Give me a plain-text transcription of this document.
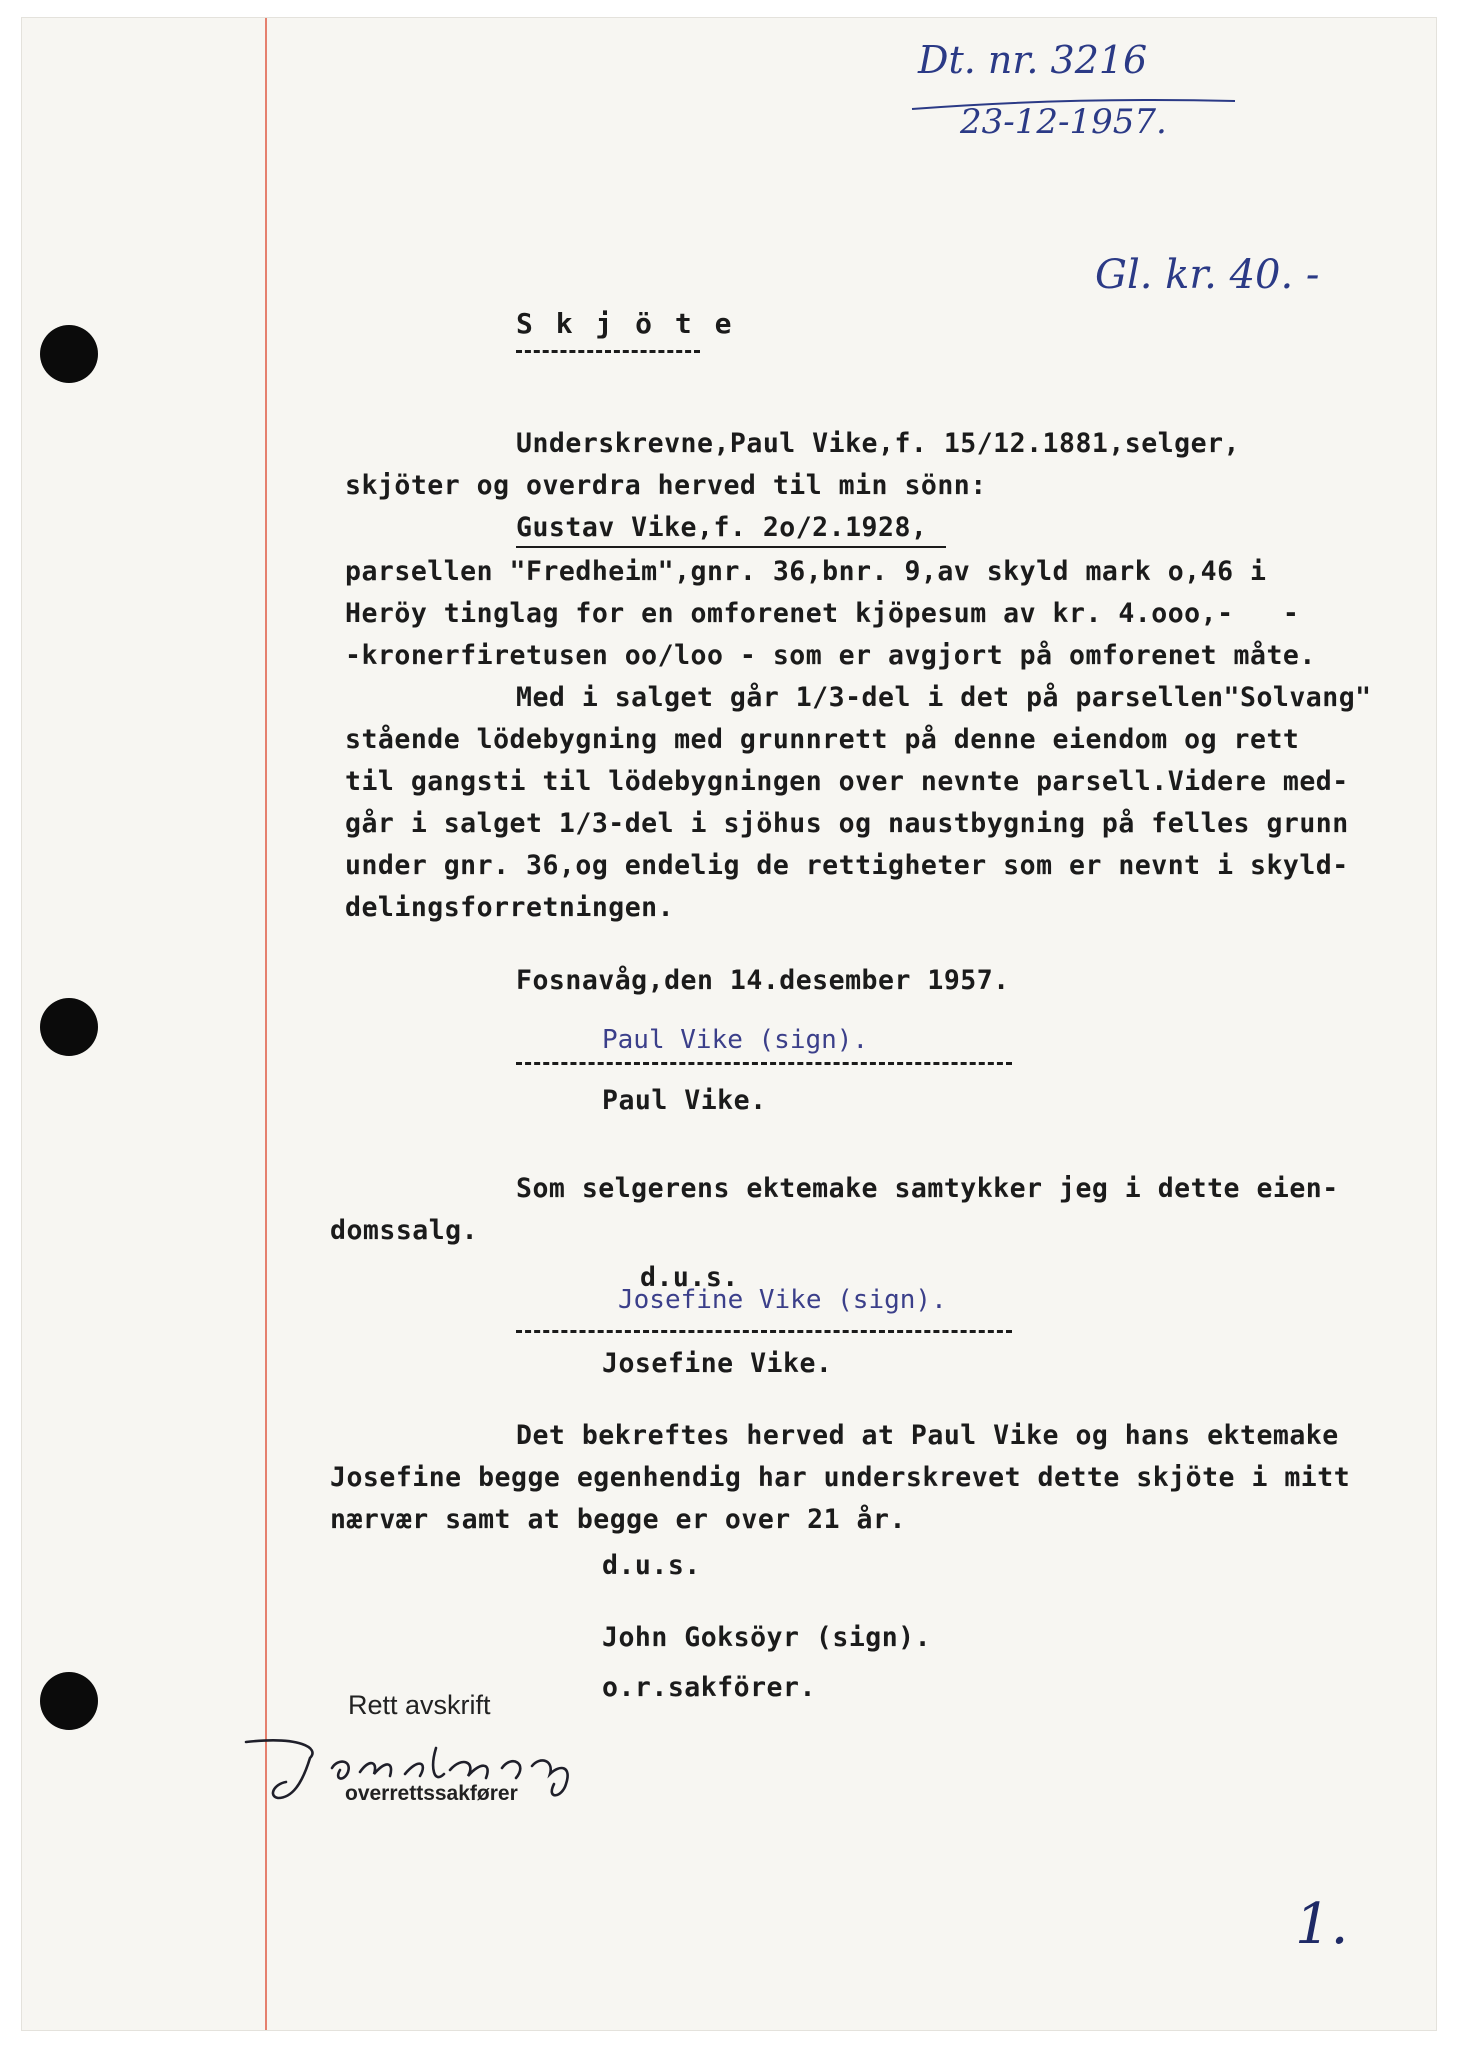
Dt. nr. 3216
23-12-1957.
Gl. kr. 40. -
S k j ö t e
Underskrevne,Paul Vike,f. 15/12.1881,selger,
skjöter og overdra herved til min sönn:
Gustav Vike,f. 2o/2.1928,
parsellen "Fredheim",gnr. 36,bnr. 9,av skyld mark o,46 i
Heröy tinglag for en omforenet kjöpesum av kr. 4.ooo,-   -
-kronerfiretusen oo/loo - som er avgjort på omforenet måte.
Med i salget går 1/3-del i det på parsellen"Solvang"
stående lödebygning med grunnrett på denne eiendom og rett
til gangsti til lödebygningen over nevnte parsell.Videre med-
går i salget 1/3-del i sjöhus og naustbygning på felles grunn
under gnr. 36,og endelig de rettigheter som er nevnt i skyld-
delingsforretningen.
Fosnavåg,den 14.desember 1957.
Paul Vike (sign).
Paul Vike.
Som selgerens ektemake samtykker jeg i dette eien-
domssalg.
d.u.s.
Josefine Vike (sign).
Josefine Vike.
Det bekreftes herved at Paul Vike og hans ektemake
Josefine begge egenhendig har underskrevet dette skjöte i mitt
nærvær samt at begge er over 21 år.
d.u.s.
John Goksöyr (sign).
o.r.sakförer.
Rett avskrift
overrettssakfører
1.
